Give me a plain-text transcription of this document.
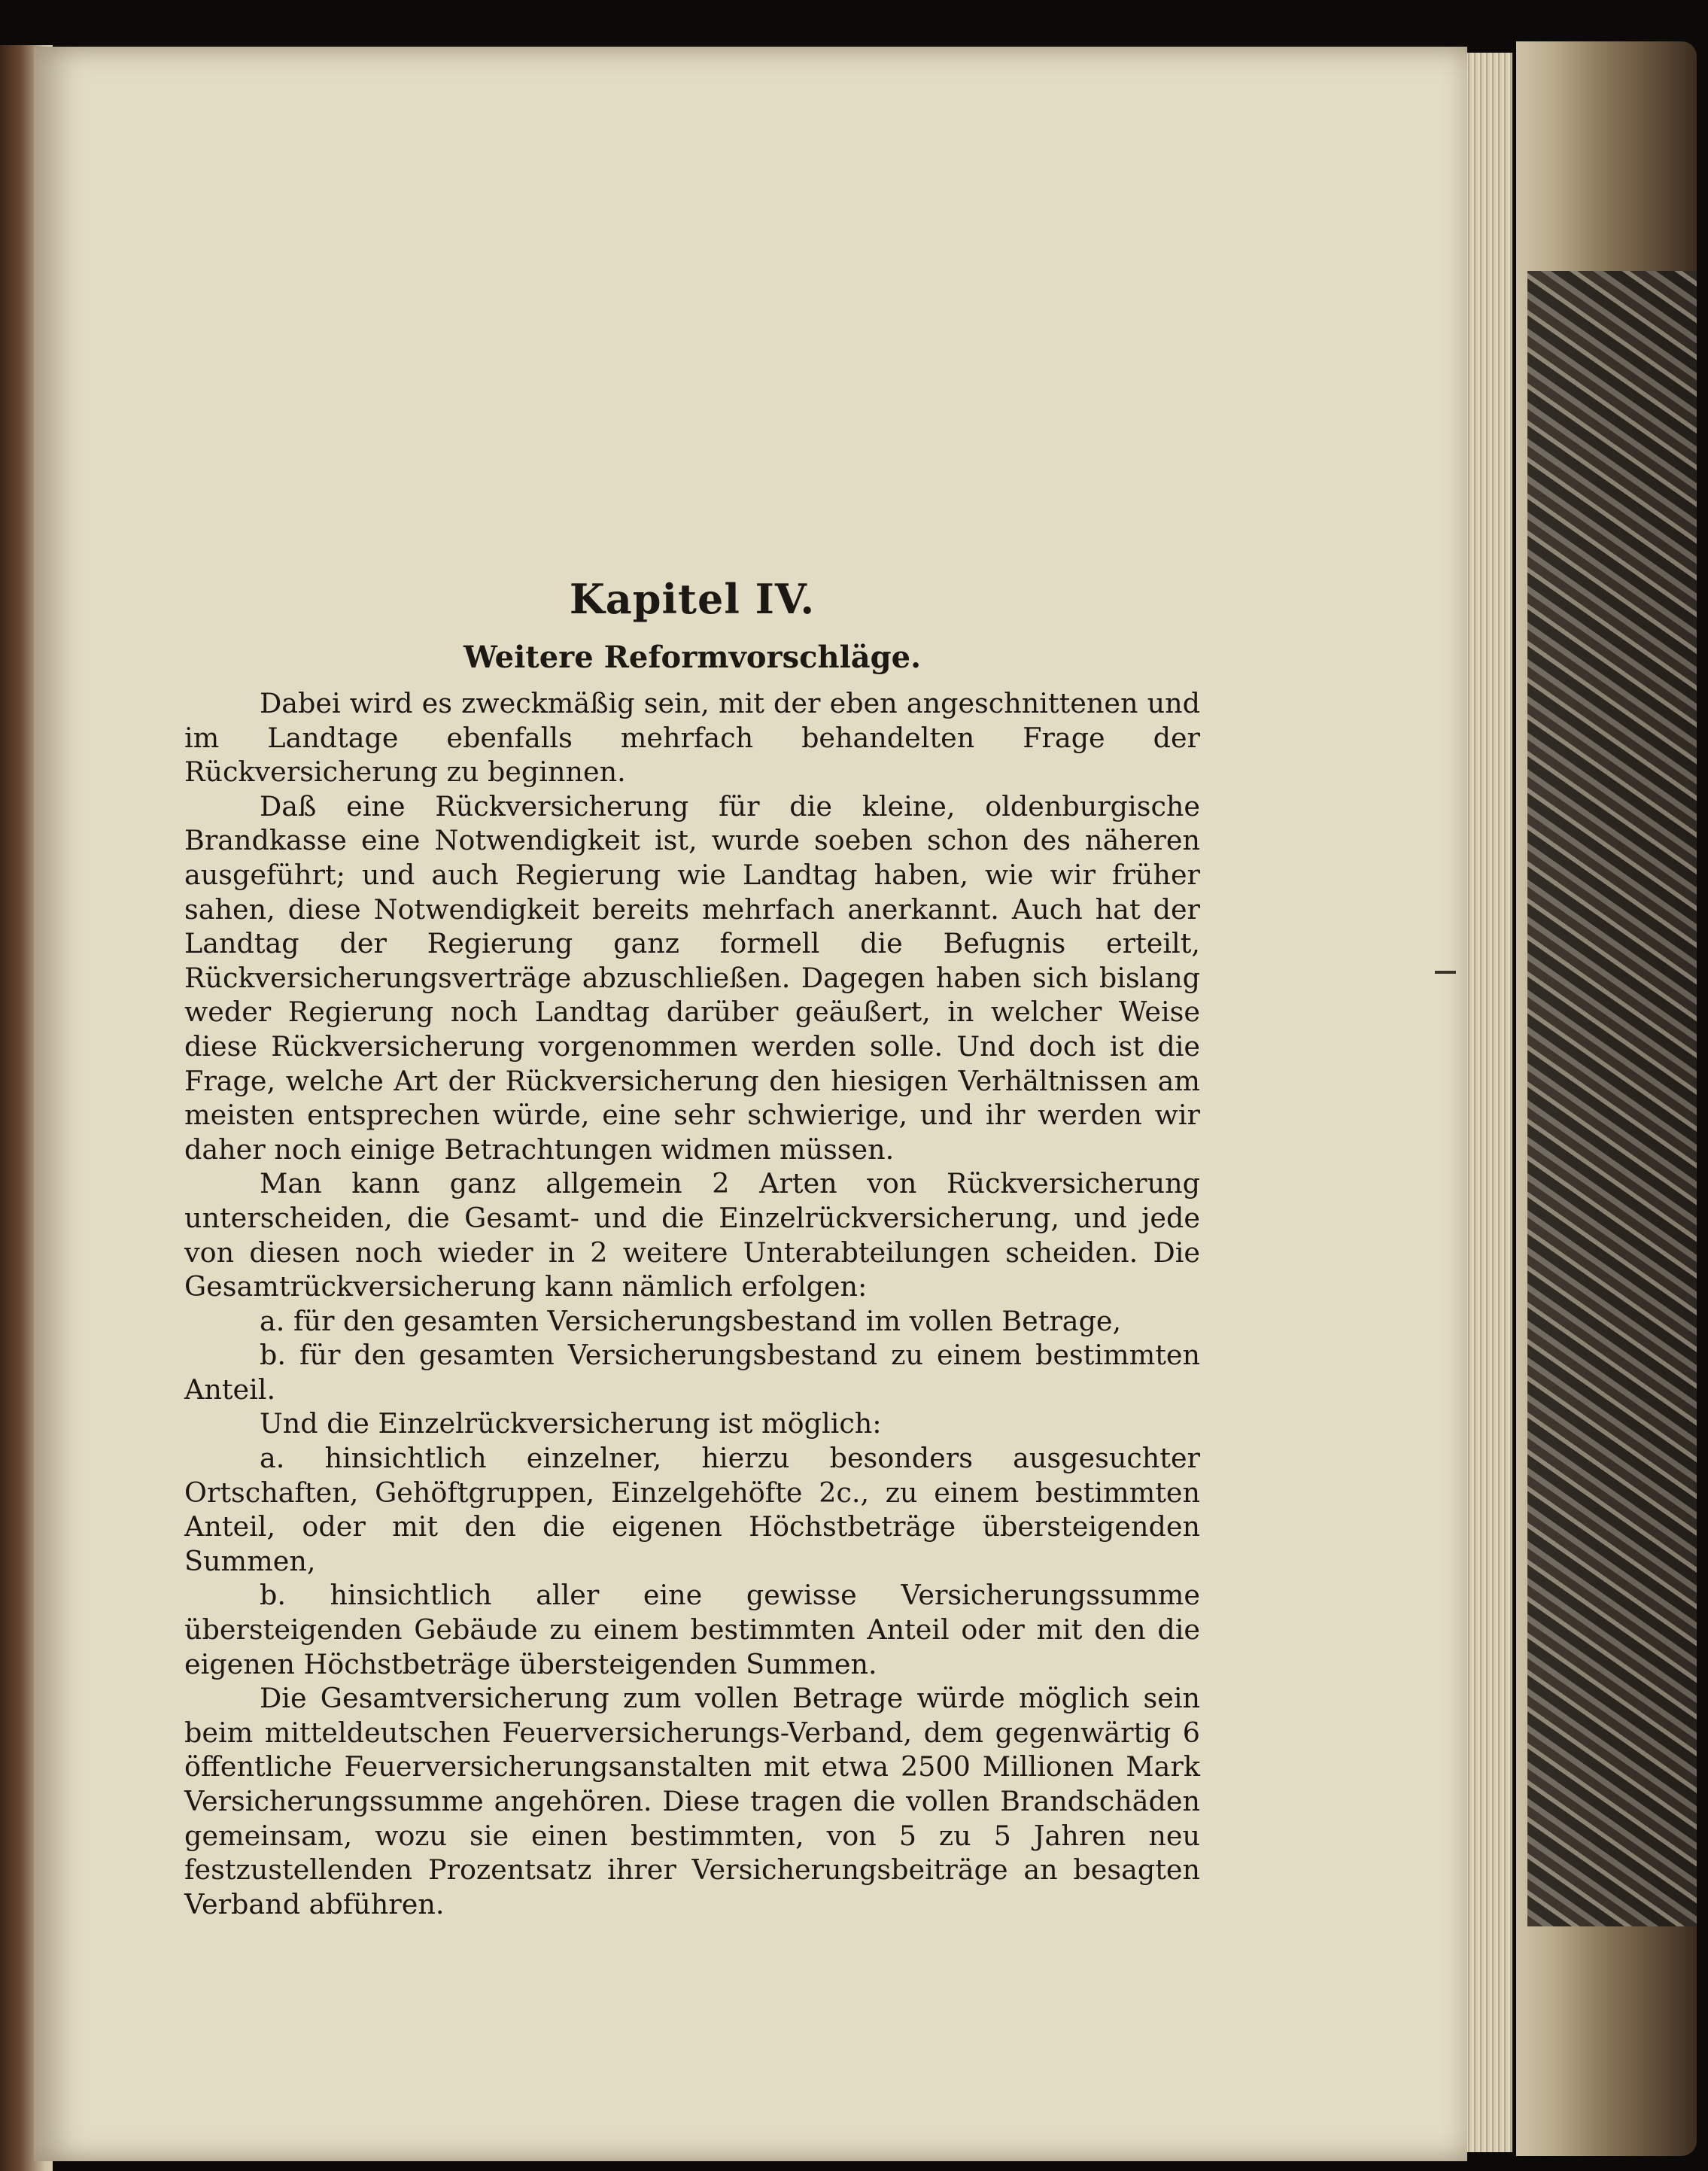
Kapitel IV.
Weitere Reformvorschläge.

Dabei wird es zweckmäßig sein, mit der eben angeschnittenen und im Landtage ebenfalls mehrfach behandelten Frage der Rückversicherung zu beginnen.

Daß eine Rückversicherung für die kleine, oldenburgische Brandkasse eine Notwendigkeit ist, wurde soeben schon des näheren ausgeführt; und auch Regierung wie Landtag haben, wie wir früher sahen, diese Notwendigkeit bereits mehrfach anerkannt. Auch hat der Landtag der Regierung ganz formell die Befugnis erteilt, Rückversicherungsverträge abzuschließen. Dagegen haben sich bislang weder Regierung noch Landtag darüber geäußert, in welcher Weise diese Rückversicherung vorgenommen werden solle. Und doch ist die Frage, welche Art der Rückversicherung den hiesigen Verhältnissen am meisten entsprechen würde, eine sehr schwierige, und ihr werden wir daher noch einige Betrachtungen widmen müssen.

Man kann ganz allgemein 2 Arten von Rückversicherung unterscheiden, die Gesamt- und die Einzelrückversicherung, und jede von diesen noch wieder in 2 weitere Unterabteilungen scheiden. Die Gesamtrückversicherung kann nämlich erfolgen:

a. für den gesamten Versicherungsbestand im vollen Betrage,

b. für den gesamten Versicherungsbestand zu einem bestimmten Anteil.

Und die Einzelrückversicherung ist möglich:

a. hinsichtlich einzelner, hierzu besonders ausgesuchter Ortschaften, Gehöftgruppen, Einzelgehöfte 2c., zu einem bestimmten Anteil, oder mit den die eigenen Höchstbeträge übersteigenden Summen,

b. hinsichtlich aller eine gewisse Versicherungssumme übersteigenden Gebäude zu einem bestimmten Anteil oder mit den die eigenen Höchstbeträge übersteigenden Summen.

Die Gesamtversicherung zum vollen Betrage würde möglich sein beim mitteldeutschen Feuerversicherungs-Verband, dem gegenwärtig 6 öffentliche Feuerversicherungsanstalten mit etwa 2500 Millionen Mark Versicherungssumme angehören. Diese tragen die vollen Brandschäden gemeinsam, wozu sie einen bestimmten, von 5 zu 5 Jahren neu festzustellenden Prozentsatz ihrer Versicherungsbeiträge an besagten Verband abführen.
